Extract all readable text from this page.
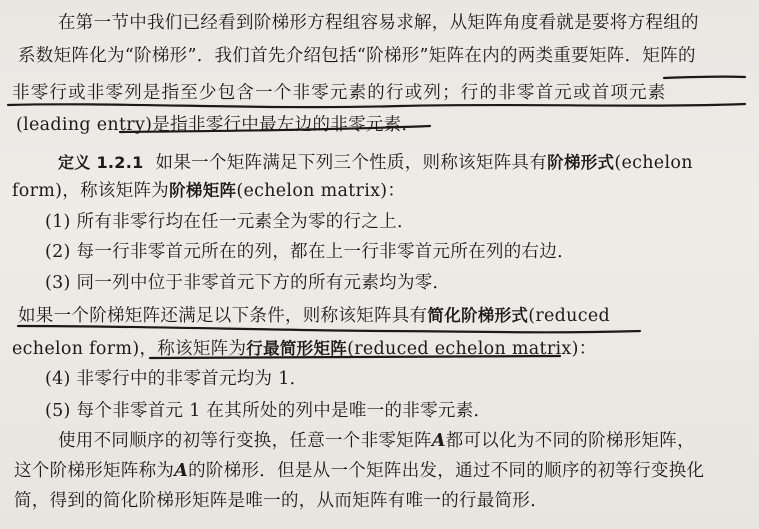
在第一节中我们已经看到阶梯形方程组容易求解，从矩阵角度看就是要将方程组的
系数矩阵化为“阶梯形”．我们首先介绍包括“阶梯形”矩阵在内的两类重要矩阵．矩阵的
非零行或非零列是指至少包含一个非零元素的行或列；行的非零首元或首项元素
(leading entry)是指非零行中最左边的非零元素．
定义 1.2.1 如果一个矩阵满足下列三个性质，则称该矩阵具有阶梯形式(echelon
form)，称该矩阵为阶梯矩阵(echelon matrix)：
(1) 所有非零行均在任一元素全为零的行之上．
(2) 每一行非零首元所在的列，都在上一行非零首元所在列的右边．
(3) 同一列中位于非零首元下方的所有元素均为零．
如果一个阶梯矩阵还满足以下条件，则称该矩阵具有简化阶梯形式(reduced
echelon form)，称该矩阵为行最简形矩阵(reduced echelon matrix)：
(4) 非零行中的非零首元均为 1．
(5) 每个非零首元 1 在其所处的列中是唯一的非零元素．
使用不同顺序的初等行变换，任意一个非零矩阵A都可以化为不同的阶梯形矩阵，
这个阶梯形矩阵称为A的阶梯形．但是从一个矩阵出发，通过不同的顺序的初等行变换化
简，得到的简化阶梯形矩阵是唯一的，从而矩阵有唯一的行最简形．
